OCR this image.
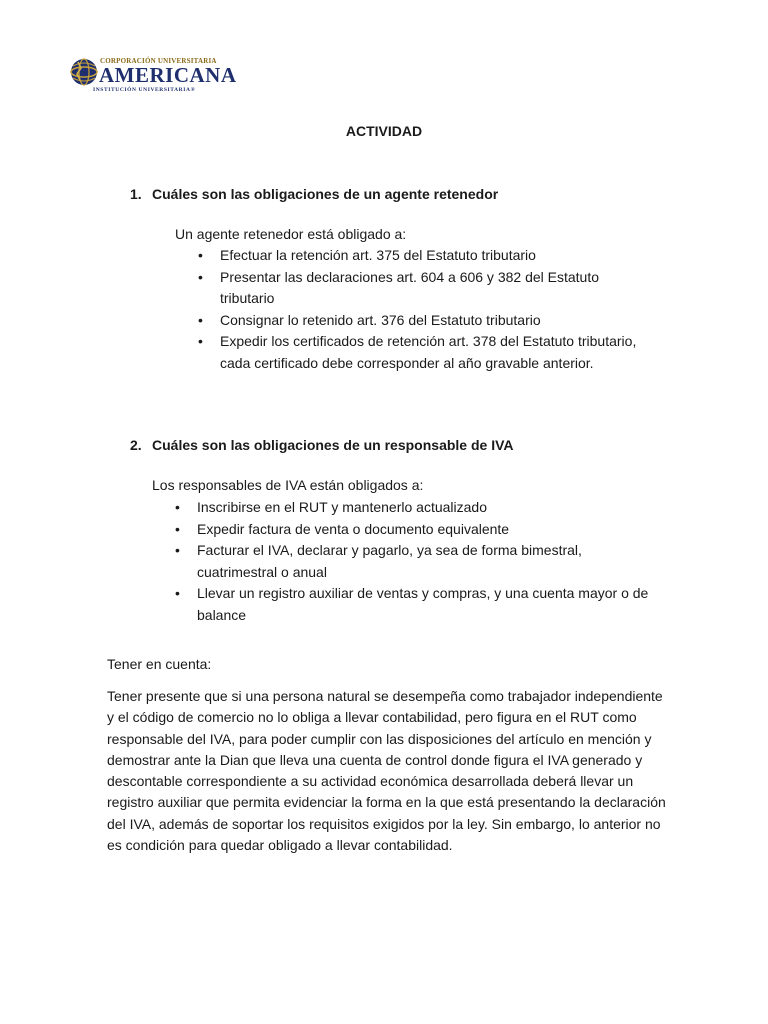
CORPORACIÓN UNIVERSITARIA
AMERICANA
INSTITUCIÓN UNIVERSITARIA®
ACTIVIDAD
1. Cuáles son las obligaciones de un agente retenedor
Un agente retenedor está obligado a:
• Efectuar la retención art. 375 del Estatuto tributario
• Presentar las declaraciones art. 604 a 606 y 382 del Estatuto tributario
• Consignar lo retenido art. 376 del Estatuto tributario
• Expedir los certificados de retención art. 378 del Estatuto tributario, cada certificado debe corresponder al año gravable anterior.
2. Cuáles son las obligaciones de un responsable de IVA
Los responsables de IVA están obligados a:
• Inscribirse en el RUT y mantenerlo actualizado
• Expedir factura de venta o documento equivalente
• Facturar el IVA, declarar y pagarlo, ya sea de forma bimestral, cuatrimestral o anual
• Llevar un registro auxiliar de ventas y compras, y una cuenta mayor o de balance
Tener en cuenta:
Tener presente que si una persona natural se desempeña como trabajador independiente y el código de comercio no lo obliga a llevar contabilidad, pero figura en el RUT como responsable del IVA, para poder cumplir con las disposiciones del artículo en mención y demostrar ante la Dian que lleva una cuenta de control donde figura el IVA generado y descontable correspondiente a su actividad económica desarrollada deberá llevar un registro auxiliar que permita evidenciar la forma en la que está presentando la declaración del IVA, además de soportar los requisitos exigidos por la ley. Sin embargo, lo anterior no es condición para quedar obligado a llevar contabilidad.
